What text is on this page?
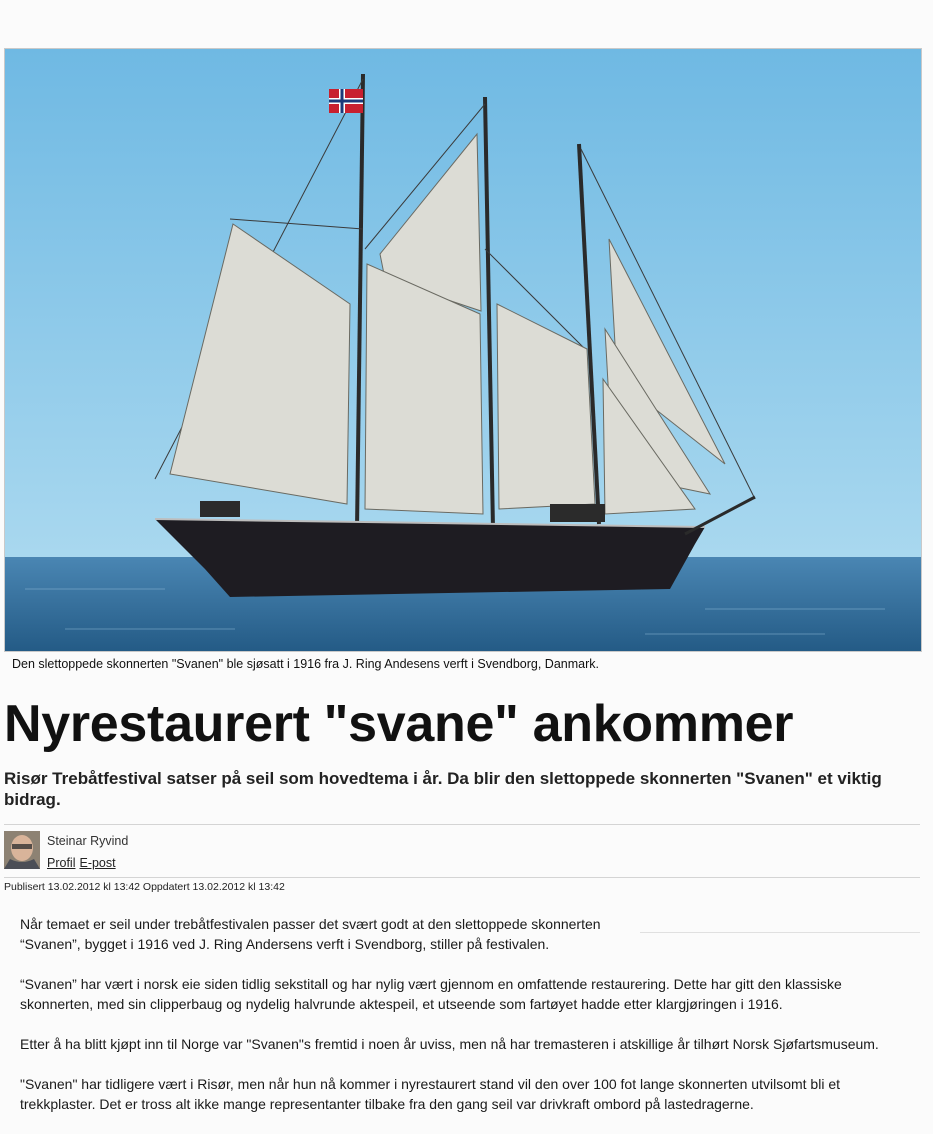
Den slettoppede skonnerten "Svanen" ble sjøsatt i 1916 fra J. Ring Andesens verft i Svendborg, Danmark.
Nyrestaurert "svane" ankommer

Risør Trebåtfestival satser på seil som hovedtema i år. Da blir den slettoppede skonnerten "Svanen" et viktig bidrag.

Steinar Ryvind
Profil E-post
Publisert 13.02.2012 kl 13:42 Oppdatert 13.02.2012 kl 13:42

Når temaet er seil under trebåtfestivalen passer det svært godt at den slettoppede skonnerten “Svanen”, bygget i 1916 ved J. Ring Andersens verft i Svendborg, stiller på festivalen.

“Svanen” har vært i norsk eie siden tidlig sekstitall og har nylig vært gjennom en omfattende restaurering. Dette har gitt den klassiske skonnerten, med sin clipperbaug og nydelig halvrunde aktespeil, et utseende som fartøyet hadde etter klargjøringen i 1916.

Etter å ha blitt kjøpt inn til Norge var "Svanen"s fremtid i noen år uviss, men nå har tremasteren i atskillige år tilhørt Norsk Sjøfartsmuseum.

"Svanen" har tidligere vært i Risør, men når hun nå kommer i nyrestaurert stand vil den over 100 fot lange skonnerten utvilsomt bli et trekkplaster. Det er tross alt ikke mange representanter tilbake fra den gang seil var drivkraft ombord på lastedragerne.
